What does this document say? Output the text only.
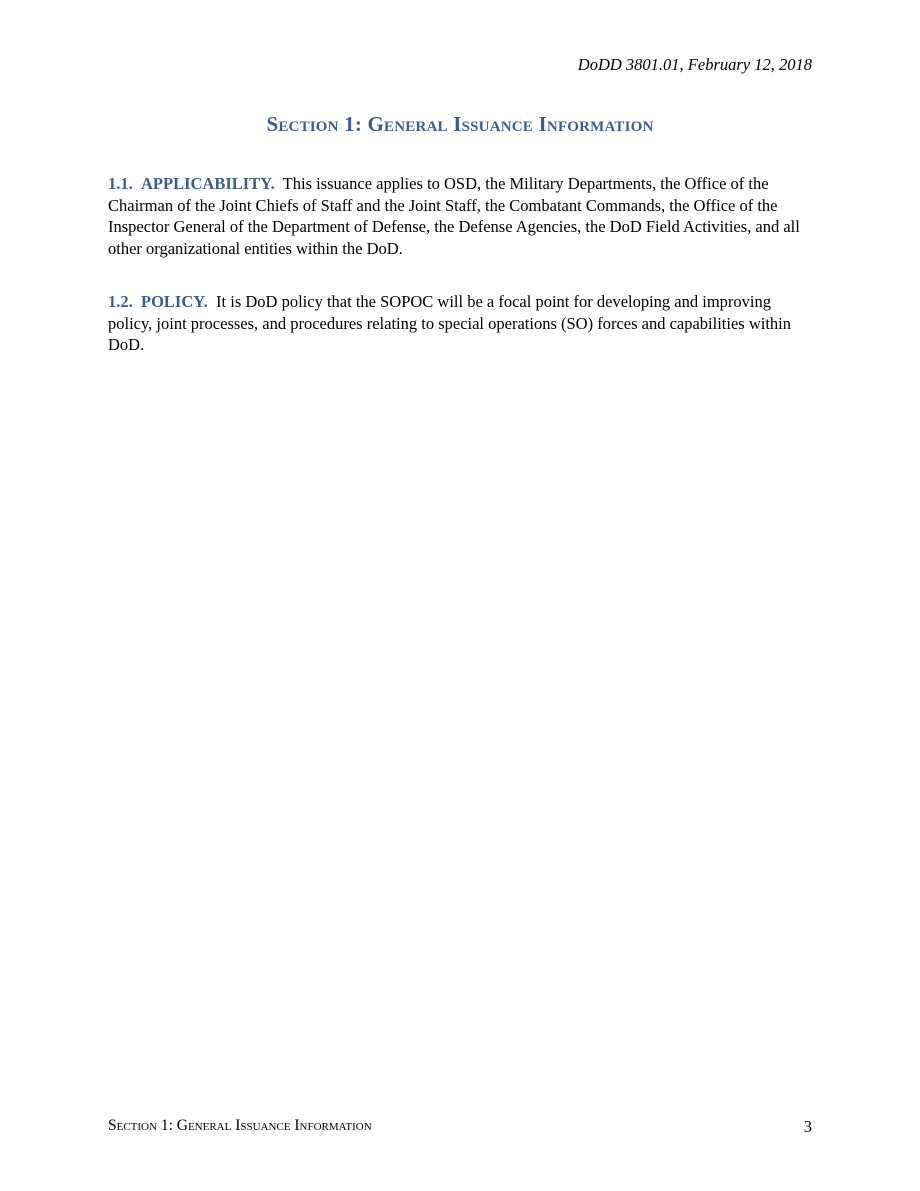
DoDD 3801.01, February 12, 2018
Section 1: General Issuance Information
1.1. APPLICABILITY. This issuance applies to OSD, the Military Departments, the Office of the Chairman of the Joint Chiefs of Staff and the Joint Staff, the Combatant Commands, the Office of the Inspector General of the Department of Defense, the Defense Agencies, the DoD Field Activities, and all other organizational entities within the DoD.
1.2. POLICY. It is DoD policy that the SOPOC will be a focal point for developing and improving policy, joint processes, and procedures relating to special operations (SO) forces and capabilities within DoD.
Section 1: General Issuance Information	3
